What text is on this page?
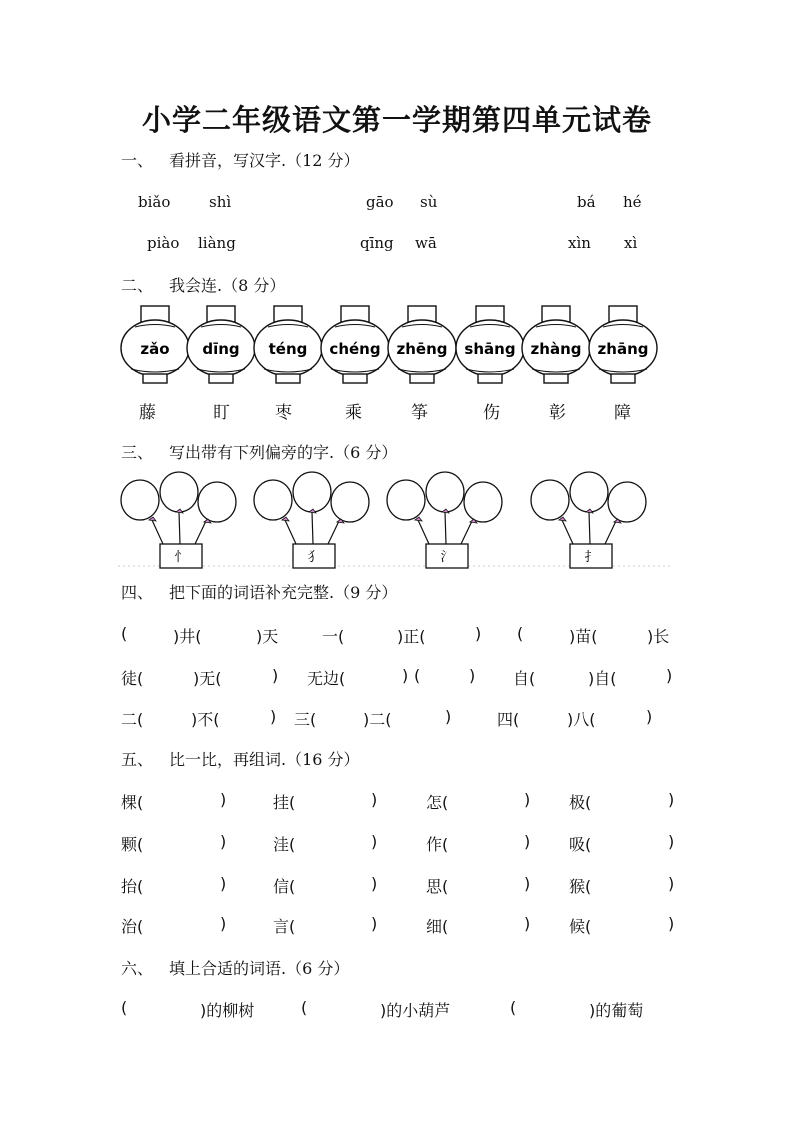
小学二年级语文第一学期第四单元试卷
一、 看拼音，写汉字.（12 分）
二、 我会连.（8 分）
三、 写出带有下列偏旁的字.（6 分）
四、 把下面的词语补充完整.（9 分）
五、 比一比，再组词.（16 分）
六、 填上合适的词语.（6 分）
biǎo	shì	gāo sù	bá hé
piào liàng	qīng wā	xìn xì
zǎo dīng téng chéng zhēng shāng zhàng zhāng
藤	盯	枣	乘	筝	伤	彰	障
忄	犭	氵	扌
(	)井(	)天	一(	)正(	) (	)苗(	)长
徒(	)无(	) 无边(	) (	) 自(	)自(	)
二(	)不(	) 三(	)二(	)	四(	)八(	)
棵(	)	挂(	)	怎(	) 极(	)
颗(	)	洼(	)	作(	) 吸(	)
抬(	)	信(	)	思(	) 猴(	)
治(	)	言(	)	细(	) 候(	)
(	)的柳树	(	)的小葫芦	(	)的葡萄
